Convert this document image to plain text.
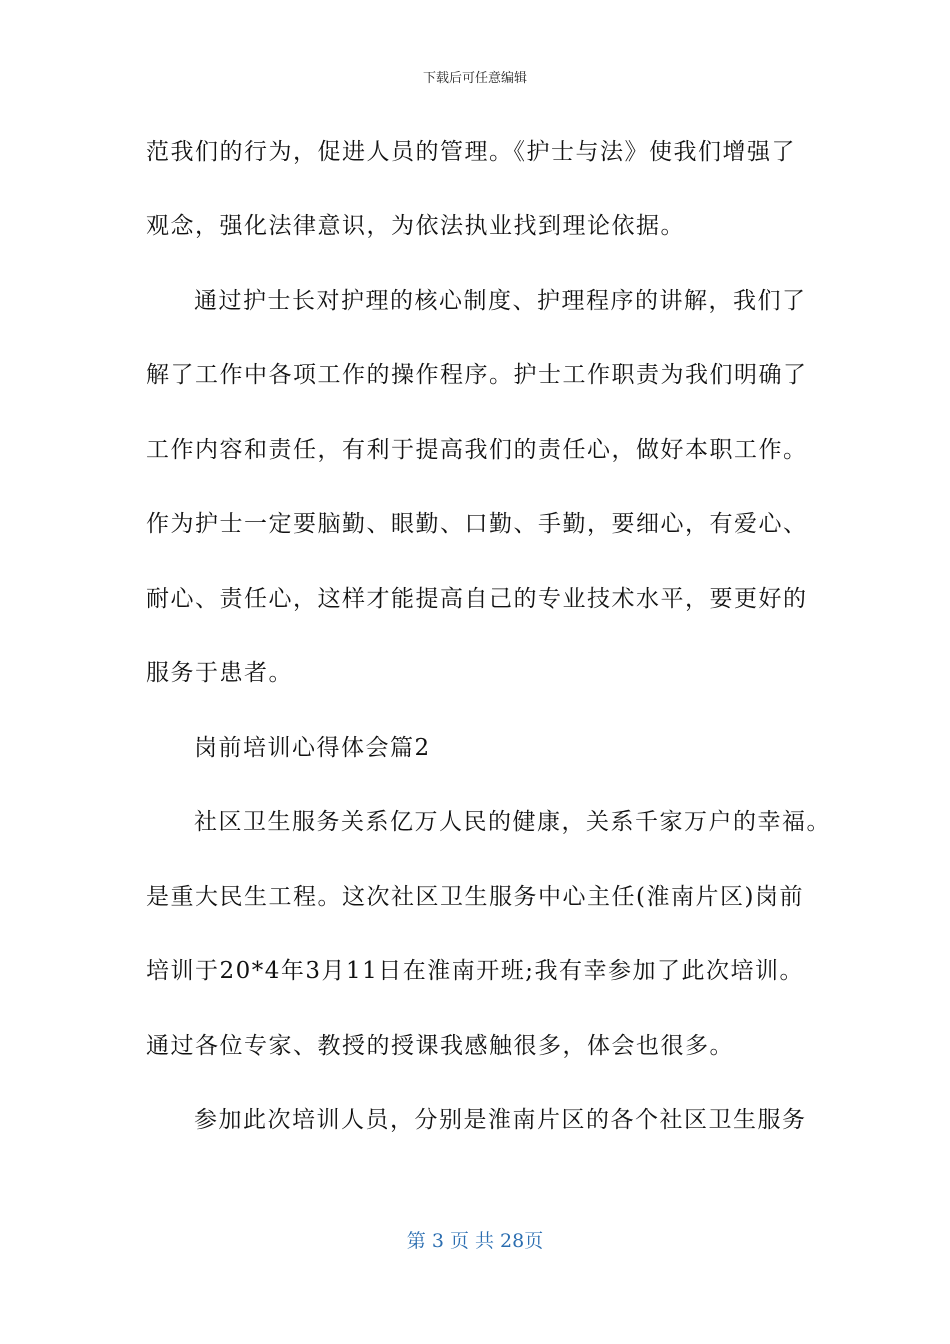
下载后可任意编辑
范我们的行为，促进人员的管理。《护士与法》使我们增强了
观念，强化法律意识，为依法执业找到理论依据。
通过护士长对护理的核心制度、护理程序的讲解，我们了
解了工作中各项工作的操作程序。护士工作职责为我们明确了
工作内容和责任，有利于提高我们的责任心，做好本职工作。
作为护士一定要脑勤、眼勤、口勤、手勤，要细心，有爱心、
耐心、责任心，这样才能提高自己的专业技术水平，要更好的
服务于患者。
岗前培训心得体会篇2
社区卫生服务关系亿万人民的健康，关系千家万户的幸福。
是重大民生工程。这次社区卫生服务中心主任(淮南片区)岗前
培训于20*4年3月11日在淮南开班;我有幸参加了此次培训。
通过各位专家、教授的授课我感触很多，体会也很多。
参加此次培训人员，分别是淮南片区的各个社区卫生服务
第 3 页 共 28页
